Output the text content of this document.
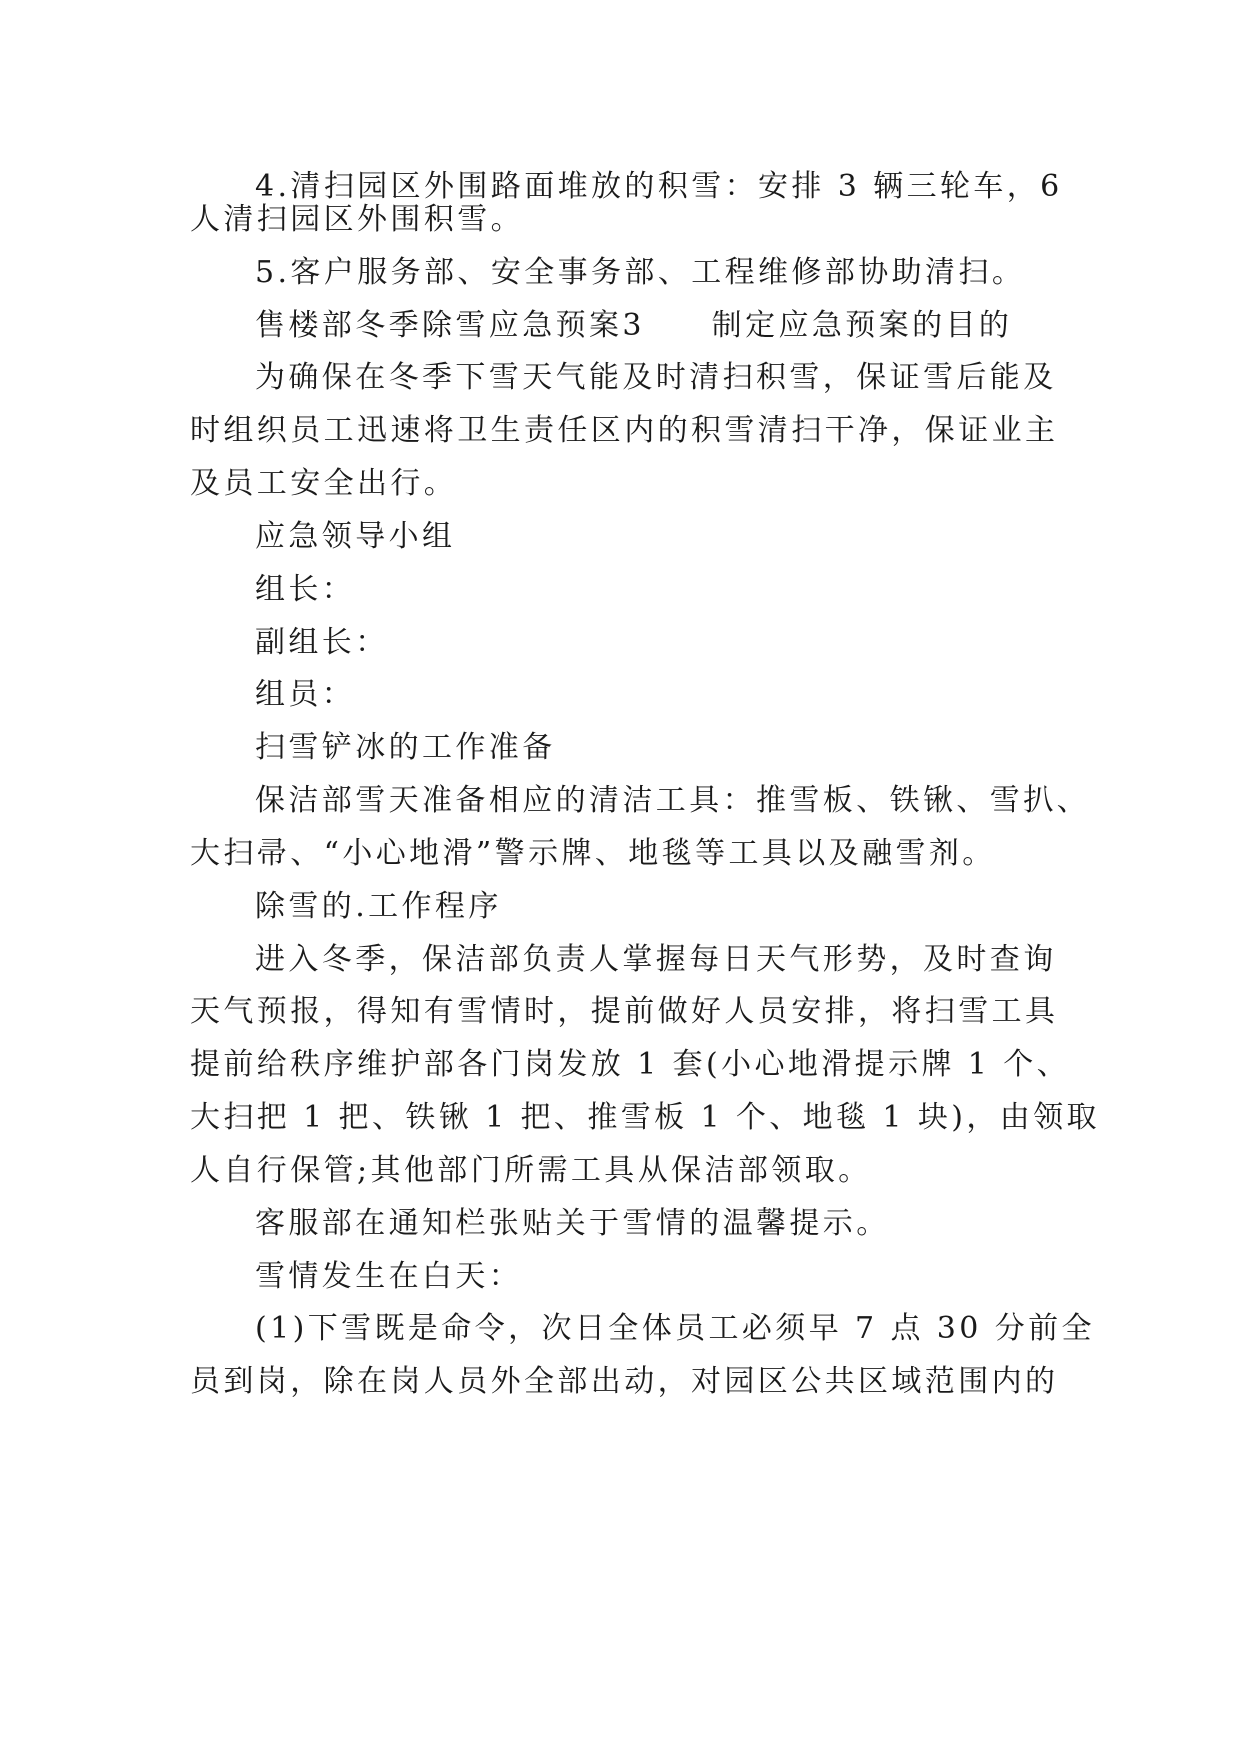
4.清扫园区外围路面堆放的积雪：安排 3 辆三轮车，6
人清扫园区外围积雪。
5.客户服务部、安全事务部、工程维修部协助清扫。
售楼部冬季除雪应急预案3　　制定应急预案的目的
为确保在冬季下雪天气能及时清扫积雪，保证雪后能及
时组织员工迅速将卫生责任区内的积雪清扫干净，保证业主
及员工安全出行。
应急领导小组
组长：
副组长：
组员：
扫雪铲冰的工作准备
保洁部雪天准备相应的清洁工具：推雪板、铁锹、雪扒、
大扫帚、“小心地滑”警示牌、地毯等工具以及融雪剂。
除雪的.工作程序
进入冬季，保洁部负责人掌握每日天气形势，及时查询
天气预报，得知有雪情时，提前做好人员安排，将扫雪工具
提前给秩序维护部各门岗发放 1 套(小心地滑提示牌 1 个、
大扫把 1 把、铁锹 1 把、推雪板 1 个、地毯 1 块)，由领取
人自行保管;其他部门所需工具从保洁部领取。
客服部在通知栏张贴关于雪情的温馨提示。
雪情发生在白天：
(1)下雪既是命令，次日全体员工必须早 7 点 30 分前全
员到岗，除在岗人员外全部出动，对园区公共区域范围内的
